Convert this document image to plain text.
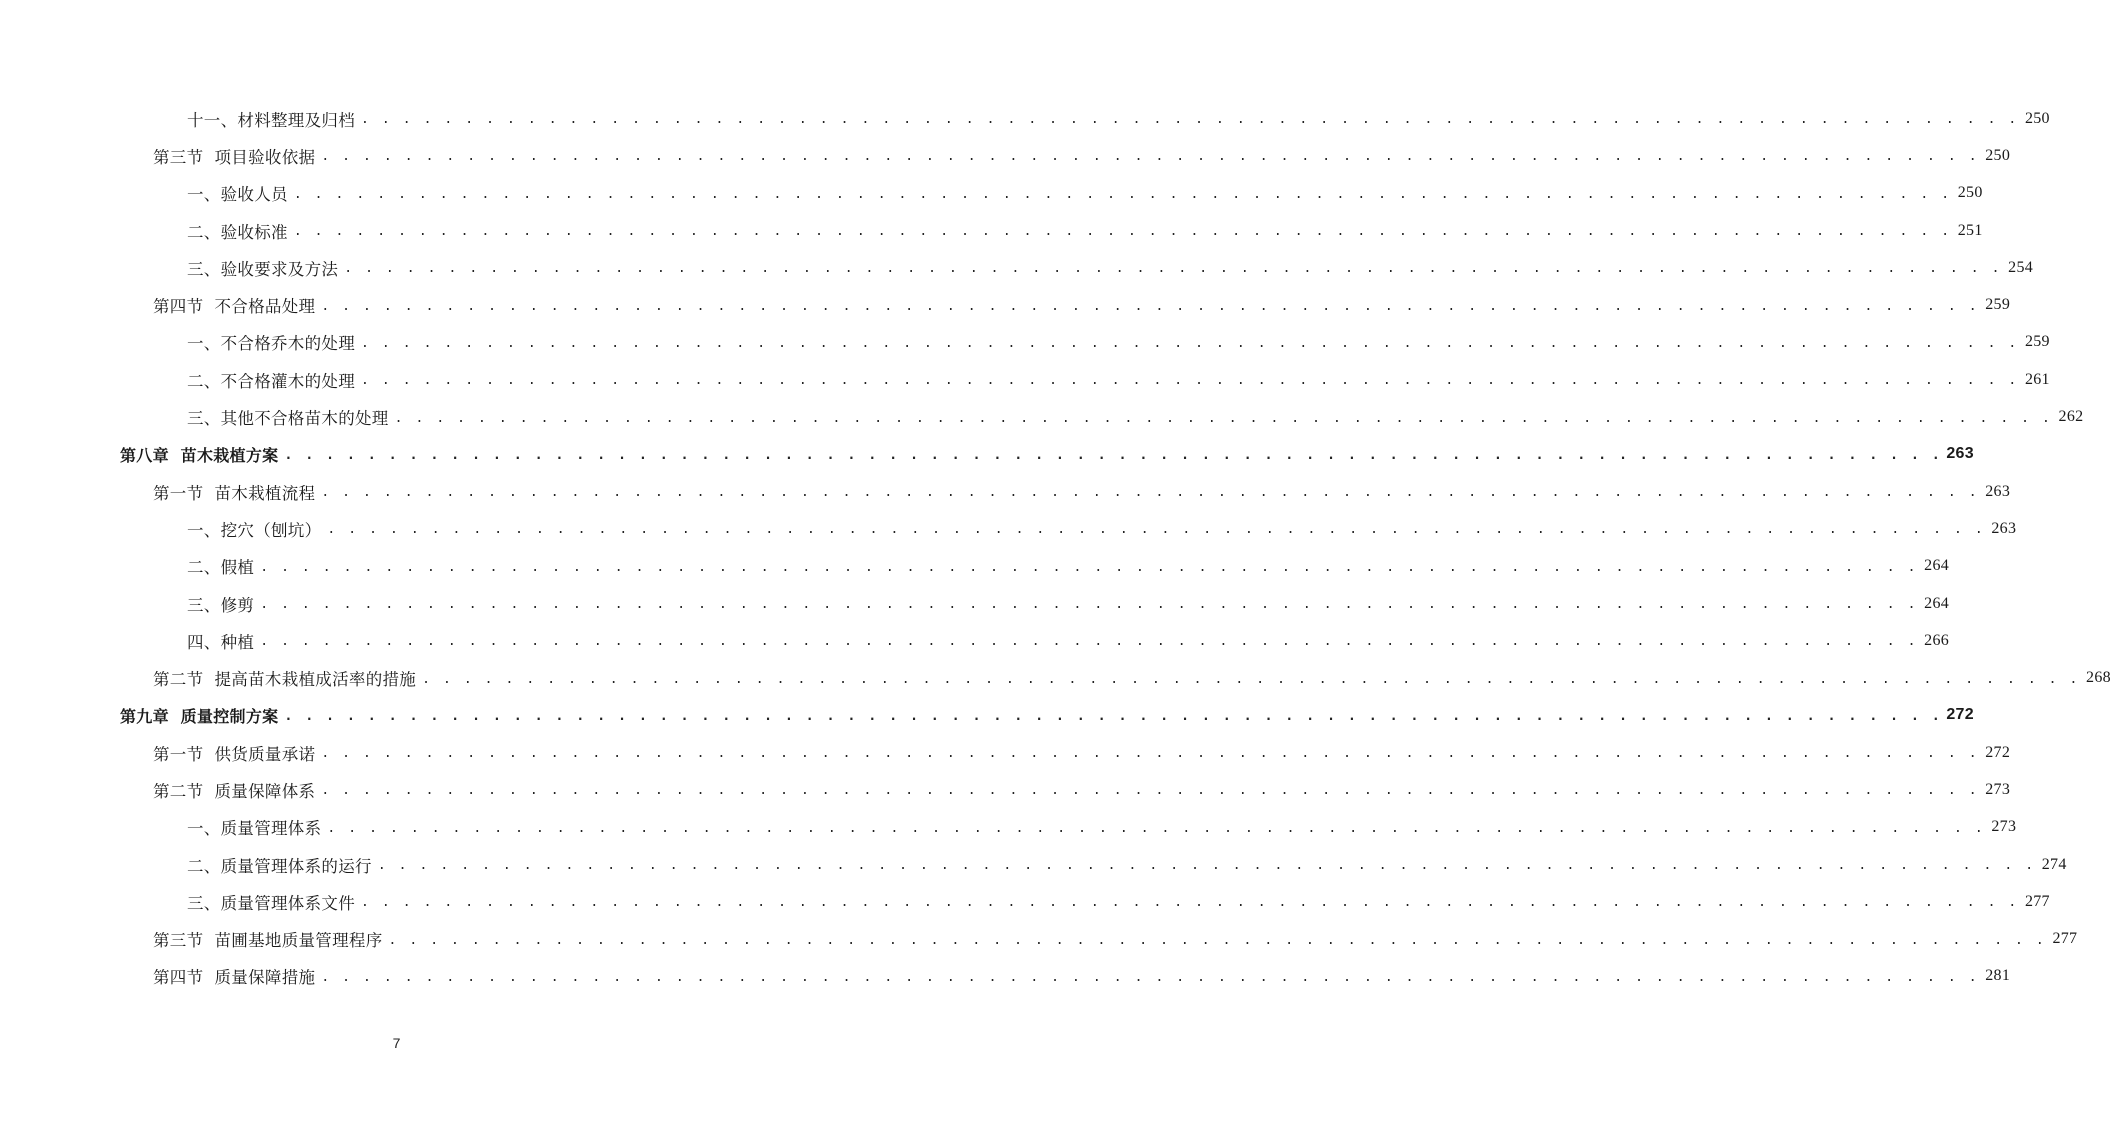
十一、 材料整理及归档 . . . . . . . . . . . . . . . . . . . . . . . . . . . . . . . . . . . . . . . . . . . . . . . . . . . . . . . . . . . . . . . . . . . . . . . . . . . . . . . . 250
第三节 项目验收依据 . . . . . . . . . . . . . . . . . . . . . . . . . . . . . . . . . . . . . . . . . . . . . . . . . . . . . . . . . . . . . . . . . . . . . . . . . . . . . . . . 250
一、 验收人员 . . . . . . . . . . . . . . . . . . . . . . . . . . . . . . . . . . . . . . . . . . . . . . . . . . . . . . . . . . . . . . . . . . . . . . . . . . . . . . . . 250
二、 验收标准 . . . . . . . . . . . . . . . . . . . . . . . . . . . . . . . . . . . . . . . . . . . . . . . . . . . . . . . . . . . . . . . . . . . . . . . . . . . . . . . . 251
三、 验收要求及方法 . . . . . . . . . . . . . . . . . . . . . . . . . . . . . . . . . . . . . . . . . . . . . . . . . . . . . . . . . . . . . . . . . . . . . . . . . . . . . . . . 254
第四节 不合格品处理 . . . . . . . . . . . . . . . . . . . . . . . . . . . . . . . . . . . . . . . . . . . . . . . . . . . . . . . . . . . . . . . . . . . . . . . . . . . . . . . . 259
一、 不合格乔木的处理 . . . . . . . . . . . . . . . . . . . . . . . . . . . . . . . . . . . . . . . . . . . . . . . . . . . . . . . . . . . . . . . . . . . . . . . . . . . . . . . . 259
二、 不合格灌木的处理 . . . . . . . . . . . . . . . . . . . . . . . . . . . . . . . . . . . . . . . . . . . . . . . . . . . . . . . . . . . . . . . . . . . . . . . . . . . . . . . . 261
三、 其他不合格苗木的处理 . . . . . . . . . . . . . . . . . . . . . . . . . . . . . . . . . . . . . . . . . . . . . . . . . . . . . . . . . . . . . . . . . . . . . . . . . . . . . . . . 262
第八章 苗木栽植方案 . . . . . . . . . . . . . . . . . . . . . . . . . . . . . . . . . . . . . . . . . . . . . . . . . . . . . . . . . . . . . . . . . . . . . . . . . . . . . . . . 263
第一节 苗木栽植流程 . . . . . . . . . . . . . . . . . . . . . . . . . . . . . . . . . . . . . . . . . . . . . . . . . . . . . . . . . . . . . . . . . . . . . . . . . . . . . . . . 263
一、 挖穴（刨坑） . . . . . . . . . . . . . . . . . . . . . . . . . . . . . . . . . . . . . . . . . . . . . . . . . . . . . . . . . . . . . . . . . . . . . . . . . . . . . . . . 263
二、 假植 . . . . . . . . . . . . . . . . . . . . . . . . . . . . . . . . . . . . . . . . . . . . . . . . . . . . . . . . . . . . . . . . . . . . . . . . . . . . . . . . 264
三、 修剪 . . . . . . . . . . . . . . . . . . . . . . . . . . . . . . . . . . . . . . . . . . . . . . . . . . . . . . . . . . . . . . . . . . . . . . . . . . . . . . . . 264
四、 种植 . . . . . . . . . . . . . . . . . . . . . . . . . . . . . . . . . . . . . . . . . . . . . . . . . . . . . . . . . . . . . . . . . . . . . . . . . . . . . . . . 266
第二节 提高苗木栽植成活率的措施 . . . . . . . . . . . . . . . . . . . . . . . . . . . . . . . . . . . . . . . . . . . . . . . . . . . . . . . . . . . . . . . . . . . . . . . . . . . . . . . . 268
第九章 质量控制方案 . . . . . . . . . . . . . . . . . . . . . . . . . . . . . . . . . . . . . . . . . . . . . . . . . . . . . . . . . . . . . . . . . . . . . . . . . . . . . . . . 272
第一节 供货质量承诺 . . . . . . . . . . . . . . . . . . . . . . . . . . . . . . . . . . . . . . . . . . . . . . . . . . . . . . . . . . . . . . . . . . . . . . . . . . . . . . . . 272
第二节 质量保障体系 . . . . . . . . . . . . . . . . . . . . . . . . . . . . . . . . . . . . . . . . . . . . . . . . . . . . . . . . . . . . . . . . . . . . . . . . . . . . . . . . 273
一、 质量管理体系 . . . . . . . . . . . . . . . . . . . . . . . . . . . . . . . . . . . . . . . . . . . . . . . . . . . . . . . . . . . . . . . . . . . . . . . . . . . . . . . . 273
二、 质量管理体系的运行 . . . . . . . . . . . . . . . . . . . . . . . . . . . . . . . . . . . . . . . . . . . . . . . . . . . . . . . . . . . . . . . . . . . . . . . . . . . . . . . . 274
三、 质量管理体系文件 . . . . . . . . . . . . . . . . . . . . . . . . . . . . . . . . . . . . . . . . . . . . . . . . . . . . . . . . . . . . . . . . . . . . . . . . . . . . . . . . 277
第三节 苗圃基地质量管理程序 . . . . . . . . . . . . . . . . . . . . . . . . . . . . . . . . . . . . . . . . . . . . . . . . . . . . . . . . . . . . . . . . . . . . . . . . . . . . . . . . 277
第四节 质量保障措施 . . . . . . . . . . . . . . . . . . . . . . . . . . . . . . . . . . . . . . . . . . . . . . . . . . . . . . . . . . . . . . . . . . . . . . . . . . . . . . . . 281
7
